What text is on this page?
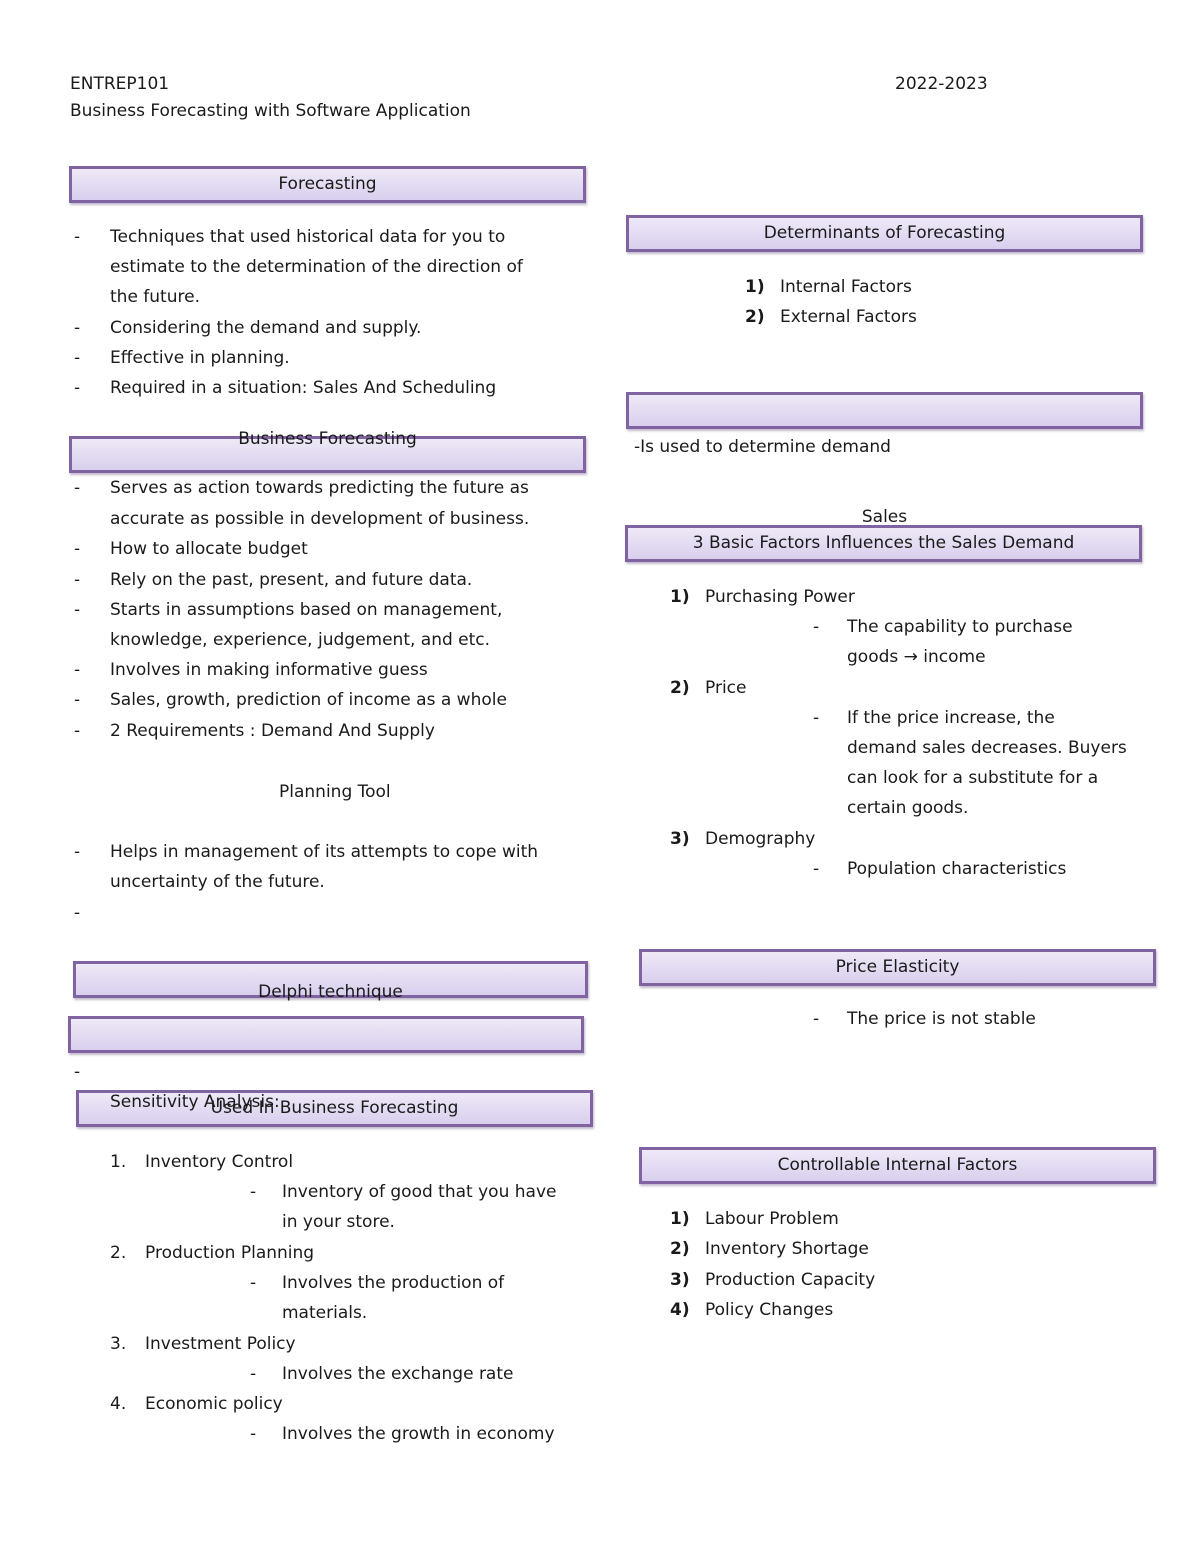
ENTREP101	2022-2023
Business Forecasting with Software Application
Forecasting
- Techniques that used historical data for you to
estimate to the determination of the direction of
the future.
- Considering the demand and supply.
- Effective in planning.
- Required in a situation: Sales And Scheduling
Business Forecasting
- Serves as action towards predicting the future as
accurate as possible in development of business.
- How to allocate budget
- Rely on the past, present, and future data.
- Starts in assumptions based on management,
knowledge, experience, judgement, and etc.
- Involves in making informative guess
- Sales, growth, prediction of income as a whole
- 2 Requirements : Demand And Supply
Planning Tool
- Helps in management of its attempts to cope with
uncertainty of the future.
-
Delphi technique
-
Sensitivity Analysis:
Used In Business Forecasting
1. Inventory Control
- Inventory of good that you have
in your store.
2. Production Planning
- Involves the production of
materials.
3. Investment Policy
- Involves the exchange rate
4. Economic policy
- Involves the growth in economy
Determinants of Forecasting
1) Internal Factors
2) External Factors
Sales
-Is used to determine demand
3 Basic Factors Influences the Sales Demand
1) Purchasing Power
- The capability to purchase
goods → income
2) Price
- If the price increase, the
demand sales decreases. Buyers
can look for a substitute for a
certain goods.
3) Demography
- Population characteristics
Price Elasticity
- The price is not stable
Controllable Internal Factors
1) Labour Problem
2) Inventory Shortage
3) Production Capacity
4) Policy Changes
